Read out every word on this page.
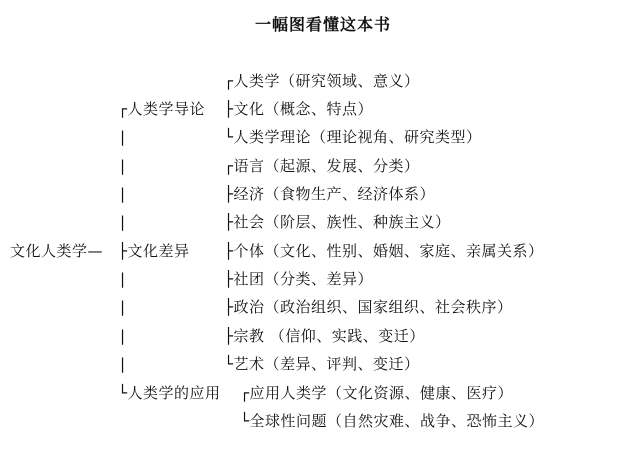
一幅图看懂这本书
文化人类学—
┌人类学导论
├文化差异
└人类学的应用
|
|
|
|
|
|
|
|
┌人类学（研究领域、意义）
├文化（概念、特点）
└人类学理论（理论视角、研究类型）
┌语言（起源、发展、分类）
├经济（食物生产、经济体系）
├社会（阶层、族性、种族主义）
├个体（文化、性别、婚姻、家庭、亲属关系）
├社团（分类、差异）
├政治（政治组织、国家组织、社会秩序）
├宗教 （信仰、实践、变迁）
└艺术（差异、评判、变迁）
┌应用人类学（文化资源、健康、医疗）
└全球性问题（自然灾难、战争、恐怖主义）
